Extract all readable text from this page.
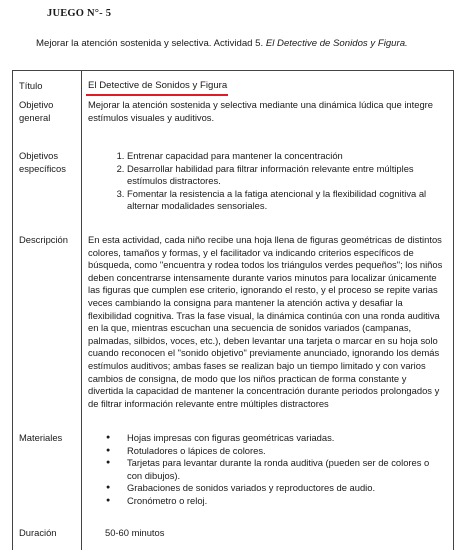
JUEGO N°- 5
Mejorar la atención sostenida y selectiva. Actividad 5. El Detective de Sonidos y Figura.
Título	El Detective de Sonidos y Figura
Objetivo
general
Mejorar la atención sostenida y selectiva mediante una dinámica lúdica que integre estímulos visuales y auditivos.
Objetivos
específicos
1. Entrenar capacidad para mantener la concentración
2. Desarrollar habilidad para filtrar información relevante entre múltiples estímulos distractores.
3. Fomentar la resistencia a la fatiga atencional y la flexibilidad cognitiva al alternar modalidades sensoriales.
Descripción En esta actividad, cada niño recibe una hoja llena de figuras geométricas de distintos colores, tamaños y formas, y el facilitador va indicando criterios específicos de búsqueda, como "encuentra y rodea todos los triángulos verdes pequeños"; los niños deben concentrarse intensamente durante varios minutos para localizar únicamente las figuras que cumplen ese criterio, ignorando el resto, y el proceso se repite varias veces cambiando la consigna para mantener la atención activa y desafiar la flexibilidad cognitiva. Tras la fase visual, la dinámica continúa con una ronda auditiva en la que, mientras escuchan una secuencia de sonidos variados (campanas, palmadas, silbidos, voces, etc.), deben levantar una tarjeta o marcar en su hoja solo cuando reconocen el "sonido objetivo" previamente anunciado, ignorando los demás estímulos auditivos; ambas fases se realizan bajo un tiempo limitado y con varios cambios de consigna, de modo que los niños practican de forma constante y divertida la capacidad de mantener la concentración durante periodos prolongados y de filtrar información relevante entre múltiples distractores
Materiales
●	Hojas impresas con figuras geométricas variadas.
● Rotuladores o lápices de colores.
● Tarjetas para levantar durante la ronda auditiva (pueden ser de colores o con dibujos).
● Grabaciones de sonidos variados y reproductores de audio.
● Cronómetro o reloj.
Duración	50-60 minutos
